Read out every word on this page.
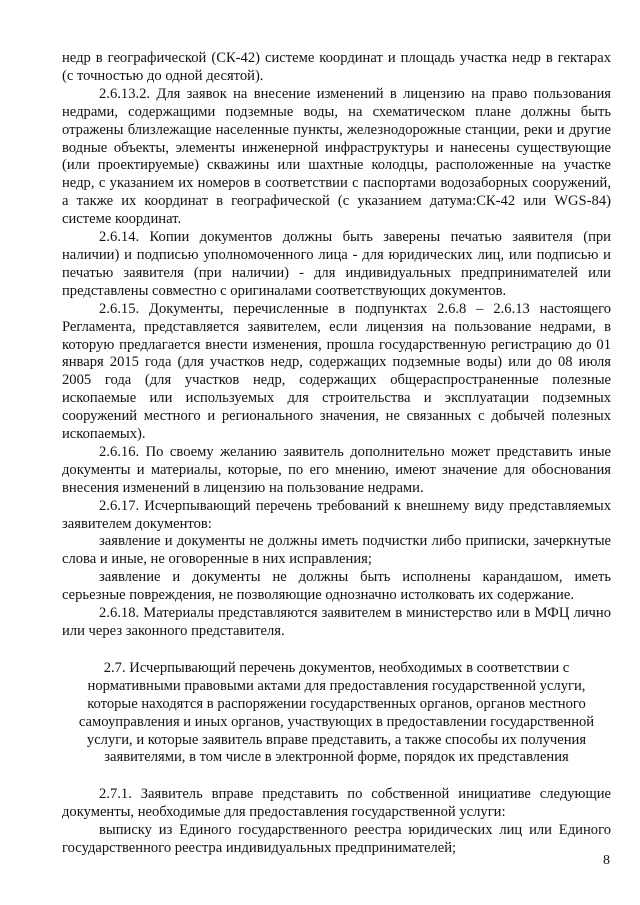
недр в географической (СК-42) системе координат и площадь участка недр в гектарах (с точностью до одной десятой).

2.6.13.2. Для заявок на внесение изменений в лицензию на право пользования недрами, содержащими подземные воды, на схематическом плане должны быть отражены близлежащие населенные пункты, железнодорожные станции, реки и другие водные объекты, элементы инженерной инфраструктуры и нанесены существующие (или проектируемые) скважины или шахтные колодцы, расположенные на участке недр, с указанием их номеров в соответствии с паспортами водозаборных сооружений, а также их координат в географической (с указанием датума:СК-42 или WGS-84) системе координат.

2.6.14. Копии документов должны быть заверены печатью заявителя (при наличии) и подписью уполномоченного лица - для юридических лиц, или подписью и печатью заявителя (при наличии) - для индивидуальных предпринимателей или представлены совместно с оригиналами соответствующих документов.

2.6.15. Документы, перечисленные в подпунктах 2.6.8 – 2.6.13 настоящего Регламента, представляется заявителем, если лицензия на пользование недрами, в которую предлагается внести изменения, прошла государственную регистрацию до 01 января 2015 года (для участков недр, содержащих подземные воды) или до 08 июля 2005 года (для участков недр, содержащих общераспространенные полезные ископаемые или используемых для строительства и эксплуатации подземных сооружений местного и регионального значения, не связанных с добычей полезных ископаемых).

2.6.16. По своему желанию заявитель дополнительно может представить иные документы и материалы, которые, по его мнению, имеют значение для обоснования внесения изменений в лицензию на пользование недрами.

2.6.17. Исчерпывающий перечень требований к внешнему виду представляемых заявителем документов:

заявление и документы не должны иметь подчистки либо приписки, зачеркнутые слова и иные, не оговоренные в них исправления;

заявление и документы не должны быть исполнены карандашом, иметь серьезные повреждения, не позволяющие однозначно истолковать их содержание.

2.6.18. Материалы представляются заявителем в министерство или в МФЦ лично или через законного представителя.

2.7. Исчерпывающий перечень документов, необходимых в соответствии с нормативными правовыми актами для предоставления государственной услуги, которые находятся в распоряжении государственных органов, органов местного самоуправления и иных органов, участвующих в предоставлении государственной услуги, и которые заявитель вправе представить, а также способы их получения заявителями, в том числе в электронной форме, порядок их представления

2.7.1. Заявитель вправе представить по собственной инициативе следующие документы, необходимые для предоставления государственной услуги:

выписку из Единого государственного реестра юридических лиц или Единого государственного реестра индивидуальных предпринимателей;

8
